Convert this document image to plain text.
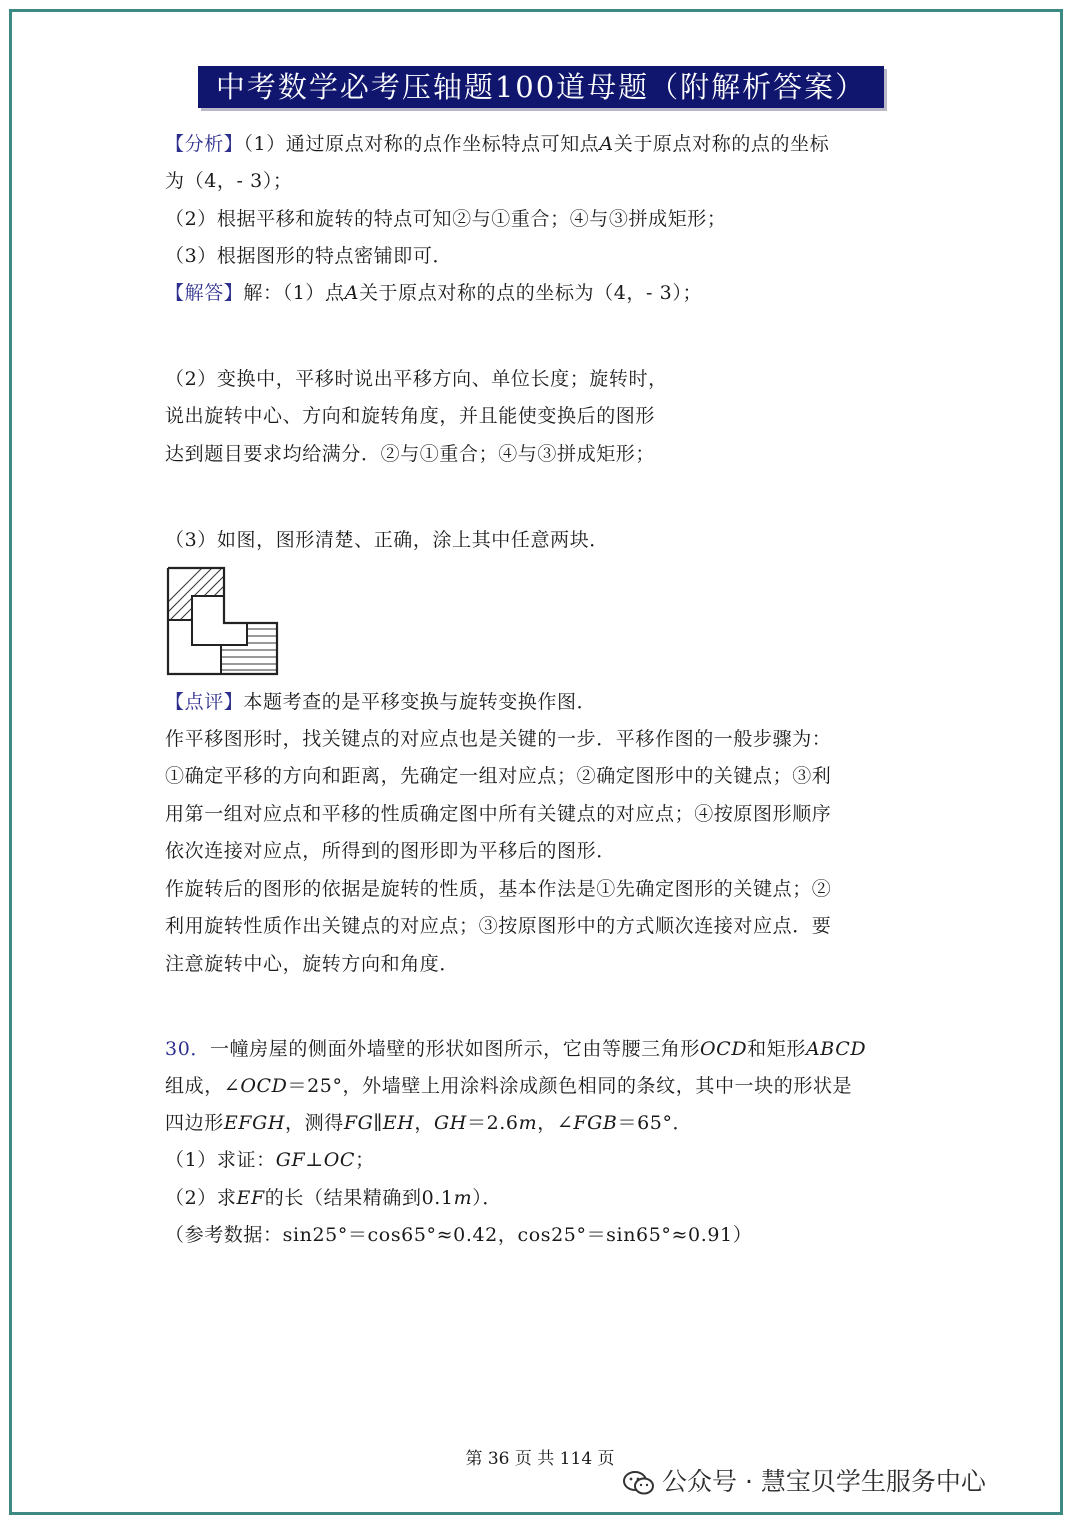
中考数学必考压轴题100道母题（附解析答案）
【分析】（1）通过原点对称的点作坐标特点可知点A关于原点对称的点的坐标
为（4，- 3）；
（2）根据平移和旋转的特点可知②与①重合；④与③拼成矩形；
（3）根据图形的特点密铺即可．
【解答】解：（1）点A关于原点对称的点的坐标为（4，- 3）；
（2）变换中，平移时说出平移方向、单位长度；旋转时，
说出旋转中心、方向和旋转角度，并且能使变换后的图形
达到题目要求均给满分．②与①重合；④与③拼成矩形；
（3）如图，图形清楚、正确，涂上其中任意两块．
【点评】本题考查的是平移变换与旋转变换作图．
作平移图形时，找关键点的对应点也是关键的一步．平移作图的一般步骤为：
①确定平移的方向和距离，先确定一组对应点；②确定图形中的关键点；③利
用第一组对应点和平移的性质确定图中所有关键点的对应点；④按原图形顺序
依次连接对应点，所得到的图形即为平移后的图形．
作旋转后的图形的依据是旋转的性质，基本作法是①先确定图形的关键点；②
利用旋转性质作出关键点的对应点；③按原图形中的方式顺次连接对应点．要
注意旋转中心，旋转方向和角度．
30．一幢房屋的侧面外墙壁的形状如图所示，它由等腰三角形OCD和矩形ABCD
组成，∠OCD＝25°，外墙壁上用涂料涂成颜色相同的条纹，其中一块的形状是
四边形EFGH，测得FG∥EH，GH＝2.6m，∠FGB＝65°．
（1）求证：GF⊥OC；
（2）求EF的长（结果精确到0.1m）．
（参考数据：sin25°＝cos65°≈0.42，cos25°＝sin65°≈0.91）
第 36 页 共 114 页
公众号 · 慧宝贝学生服务中心
